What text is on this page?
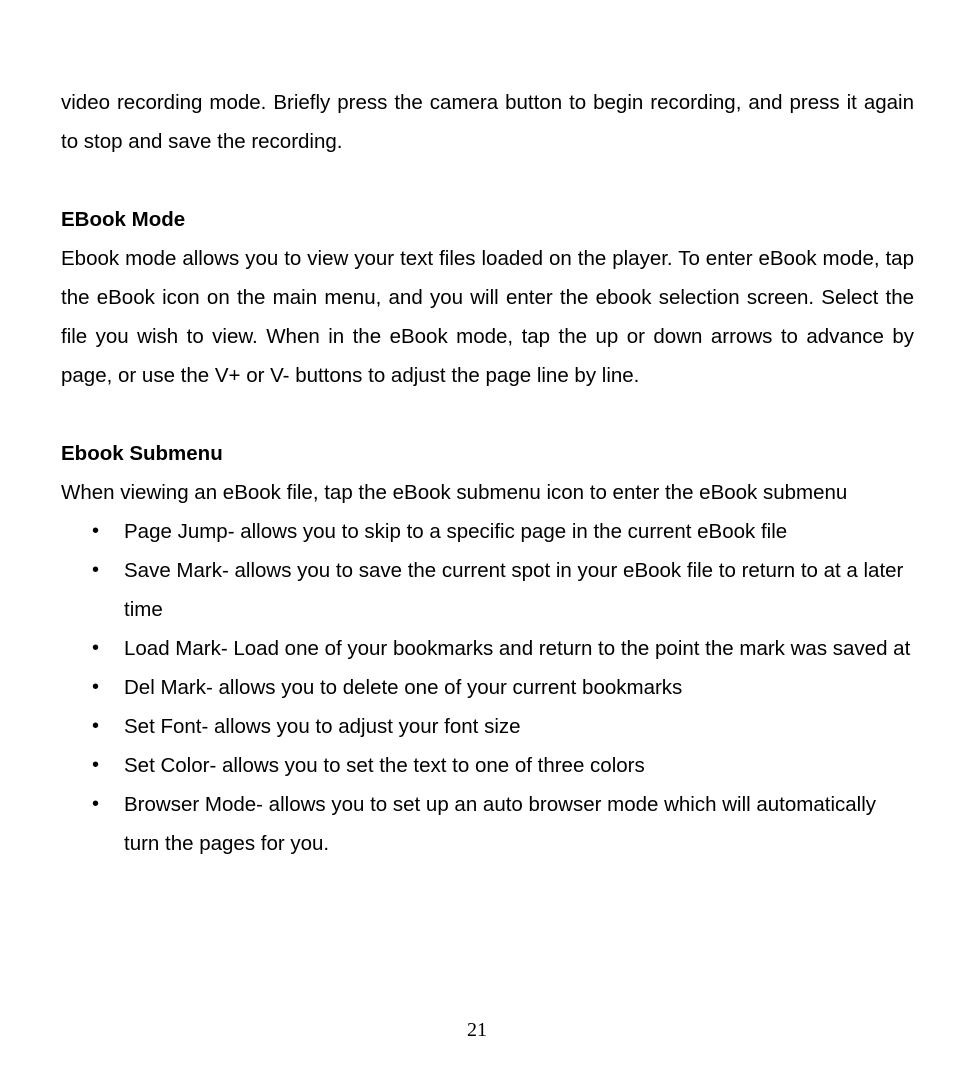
video recording mode. Briefly press the camera button to begin recording, and press it again to stop and save the recording.

EBook Mode

Ebook mode allows you to view your text files loaded on the player. To enter eBook mode, tap the eBook icon on the main menu, and you will enter the ebook selection screen. Select the file you wish to view. When in the eBook mode, tap the up or down arrows to advance by page, or use the V+ or V- buttons to adjust the page line by line.

Ebook Submenu

When viewing an eBook file, tap the eBook submenu icon to enter the eBook submenu

• Page Jump- allows you to skip to a specific page in the current eBook file
• Save Mark- allows you to save the current spot in your eBook file to return to at a later time
• Load Mark- Load one of your bookmarks and return to the point the mark was saved at
• Del Mark- allows you to delete one of your current bookmarks
• Set Font- allows you to adjust your font size
• Set Color- allows you to set the text to one of three colors
• Browser Mode- allows you to set up an auto browser mode which will automatically turn the pages for you.
21
